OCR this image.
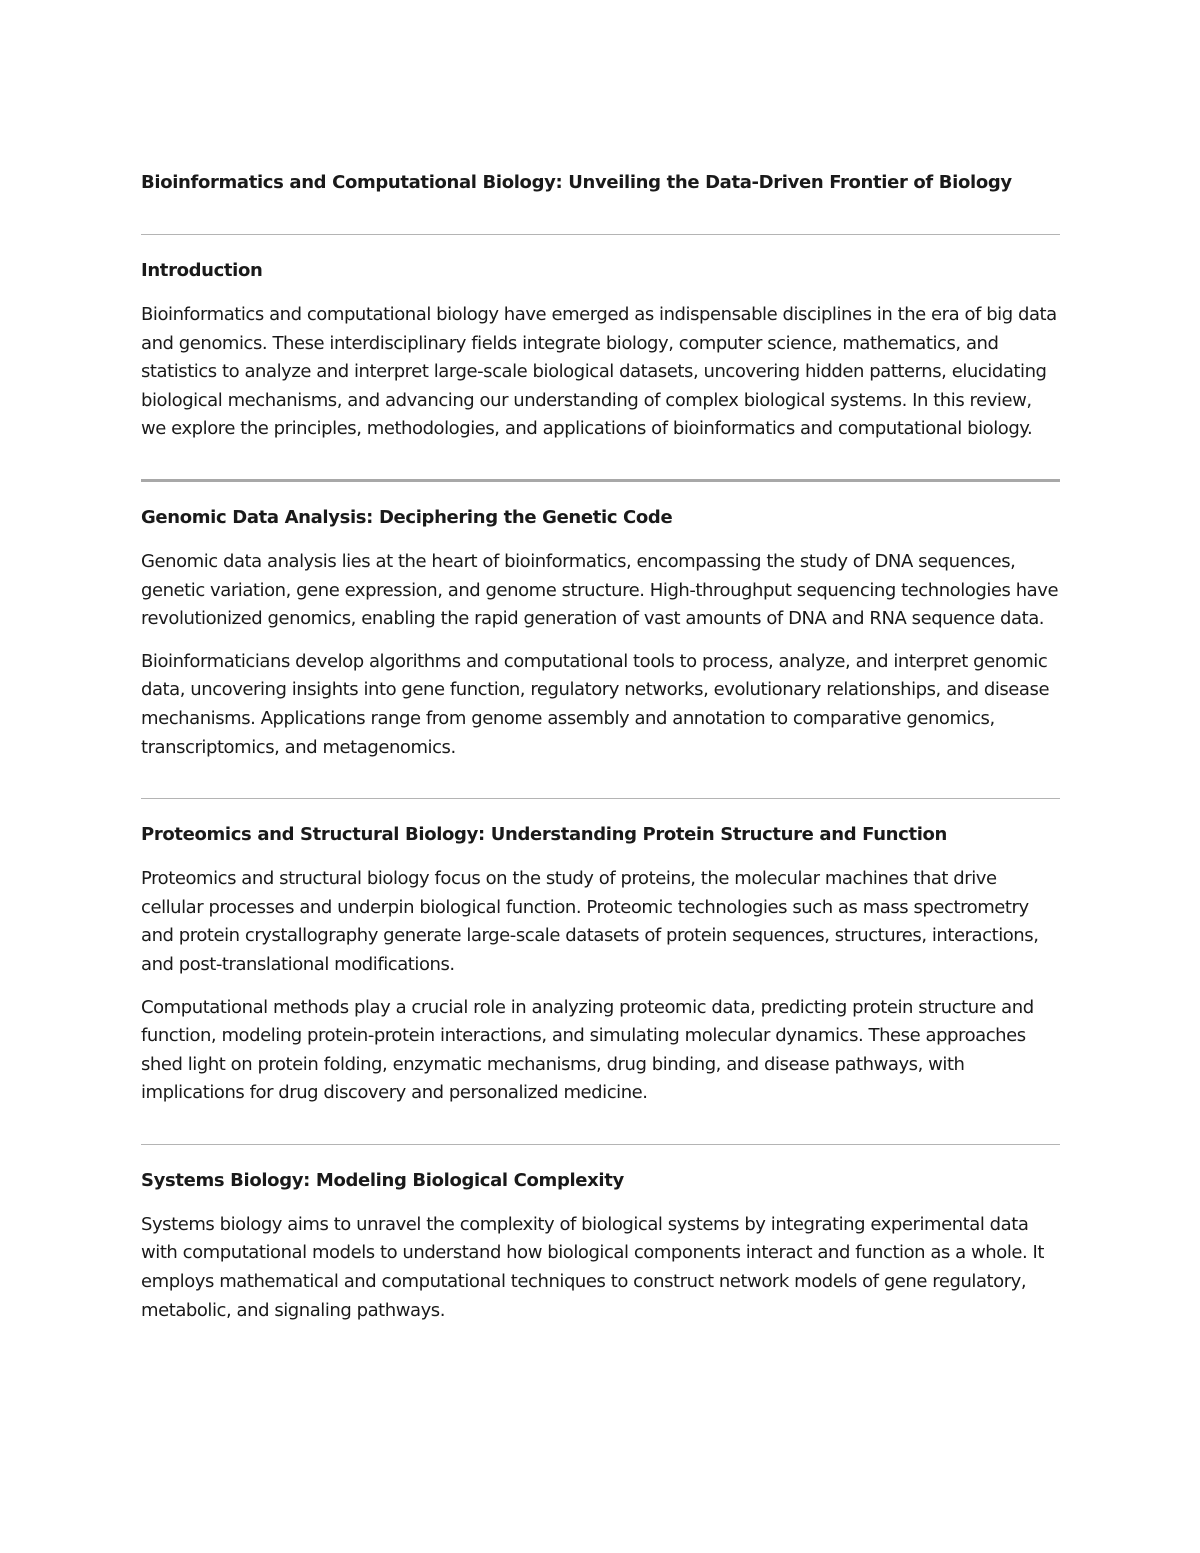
Bioinformatics and Computational Biology: Unveiling the Data-Driven Frontier of Biology
Introduction

Bioinformatics and computational biology have emerged as indispensable disciplines in the era of big data and genomics. These interdisciplinary fields integrate biology, computer science, mathematics, and statistics to analyze and interpret large-scale biological datasets, uncovering hidden patterns, elucidating biological mechanisms, and advancing our understanding of complex biological systems. In this review, we explore the principles, methodologies, and applications of bioinformatics and computational biology.

Genomic Data Analysis: Deciphering the Genetic Code

Genomic data analysis lies at the heart of bioinformatics, encompassing the study of DNA sequences, genetic variation, gene expression, and genome structure. High-throughput sequencing technologies have revolutionized genomics, enabling the rapid generation of vast amounts of DNA and RNA sequence data.

Bioinformaticians develop algorithms and computational tools to process, analyze, and interpret genomic data, uncovering insights into gene function, regulatory networks, evolutionary relationships, and disease mechanisms. Applications range from genome assembly and annotation to comparative genomics, transcriptomics, and metagenomics.

Proteomics and Structural Biology: Understanding Protein Structure and Function

Proteomics and structural biology focus on the study of proteins, the molecular machines that drive cellular processes and underpin biological function. Proteomic technologies such as mass spectrometry and protein crystallography generate large-scale datasets of protein sequences, structures, interactions, and post-translational modifications.

Computational methods play a crucial role in analyzing proteomic data, predicting protein structure and function, modeling protein-protein interactions, and simulating molecular dynamics. These approaches shed light on protein folding, enzymatic mechanisms, drug binding, and disease pathways, with implications for drug discovery and personalized medicine.

Systems Biology: Modeling Biological Complexity

Systems biology aims to unravel the complexity of biological systems by integrating experimental data with computational models to understand how biological components interact and function as a whole. It employs mathematical and computational techniques to construct network models of gene regulatory, metabolic, and signaling pathways.
